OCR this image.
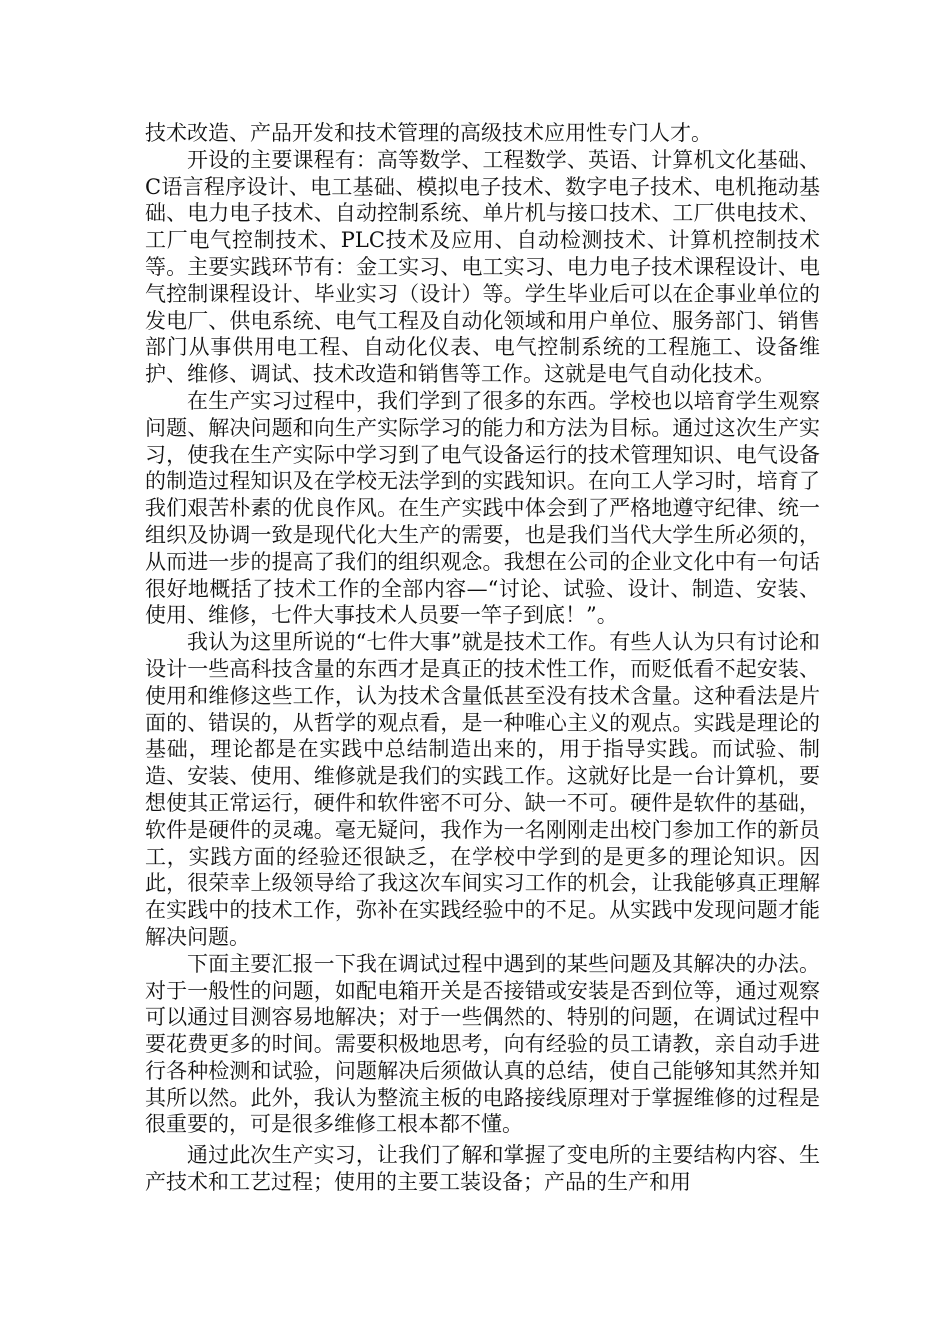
技术改造、产品开发和技术管理的高级技术应用性专门人才。

开设的主要课程有：高等数学、工程数学、英语、计算机文化基础、C语言程序设计、电工基础、模拟电子技术、数字电子技术、电机拖动基础、电力电子技术、自动控制系统、单片机与接口技术、工厂供电技术、工厂电气控制技术、PLC技术及应用、自动检测技术、计算机控制技术等。主要实践环节有：金工实习、电工实习、电力电子技术课程设计、电气控制课程设计、毕业实习（设计）等。学生毕业后可以在企事业单位的发电厂、供电系统、电气工程及自动化领域和用户单位、服务部门、销售部门从事供用电工程、自动化仪表、电气控制系统的工程施工、设备维护、维修、调试、技术改造和销售等工作。这就是电气自动化技术。

在生产实习过程中，我们学到了很多的东西。学校也以培育学生观察问题、解决问题和向生产实际学习的能力和方法为目标。通过这次生产实习，使我在生产实际中学习到了电气设备运行的技术管理知识、电气设备的制造过程知识及在学校无法学到的实践知识。在向工人学习时，培育了我们艰苦朴素的优良作风。在生产实践中体会到了严格地遵守纪律、统一组织及协调一致是现代化大生产的需要，也是我们当代大学生所必须的，从而进一步的提高了我们的组织观念。我想在公司的企业文化中有一句话很好地概括了技术工作的全部内容—“讨论、试验、设计、制造、安装、使用、维修，七件大事技术人员要一竿子到底！”。

我认为这里所说的“七件大事”就是技术工作。有些人认为只有讨论和设计一些高科技含量的东西才是真正的技术性工作，而贬低看不起安装、使用和维修这些工作，认为技术含量低甚至没有技术含量。这种看法是片面的、错误的，从哲学的观点看，是一种唯心主义的观点。实践是理论的基础，理论都是在实践中总结制造出来的，用于指导实践。而试验、制造、安装、使用、维修就是我们的实践工作。这就好比是一台计算机，要想使其正常运行，硬件和软件密不可分、缺一不可。硬件是软件的基础，软件是硬件的灵魂。毫无疑问，我作为一名刚刚走出校门参加工作的新员工，实践方面的经验还很缺乏，在学校中学到的是更多的理论知识。因此，很荣幸上级领导给了我这次车间实习工作的机会，让我能够真正理解在实践中的技术工作，弥补在实践经验中的不足。从实践中发现问题才能解决问题。

下面主要汇报一下我在调试过程中遇到的某些问题及其解决的办法。对于一般性的问题，如配电箱开关是否接错或安装是否到位等，通过观察可以通过目测容易地解决；对于一些偶然的、特别的问题，在调试过程中要花费更多的时间。需要积极地思考，向有经验的员工请教，亲自动手进行各种检测和试验，问题解决后须做认真的总结，使自己能够知其然并知其所以然。此外，我认为整流主板的电路接线原理对于掌握维修的过程是很重要的，可是很多维修工根本都不懂。

通过此次生产实习，让我们了解和掌握了变电所的主要结构内容、生产技术和工艺过程；使用的主要工装设备；产品的生产和用
